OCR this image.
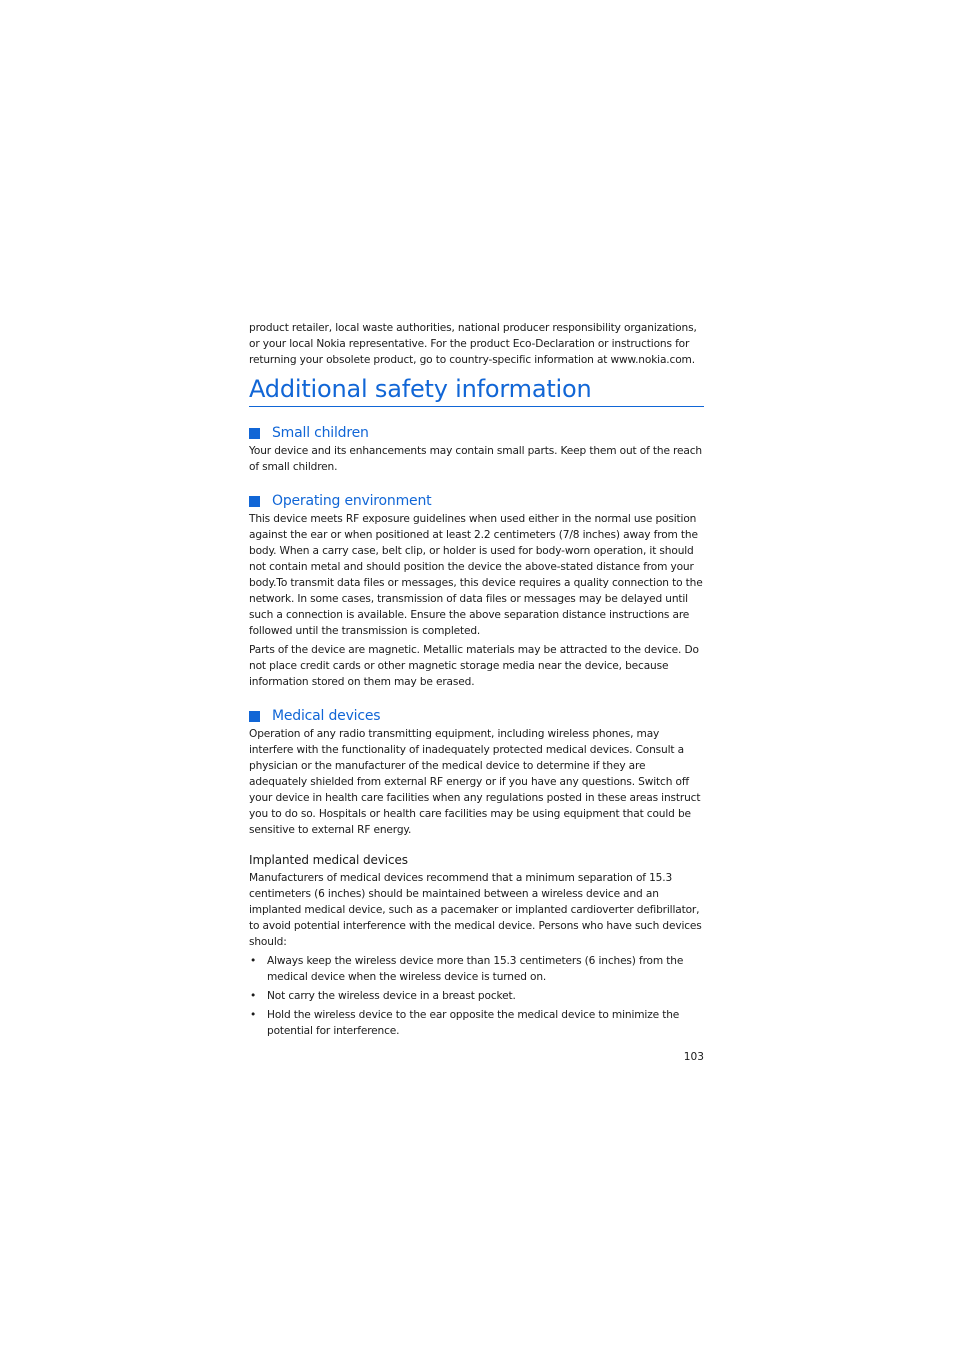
product retailer, local waste authorities, national producer responsibility organizations, or your local Nokia representative. For the product Eco-Declaration or instructions for returning your obsolete product, go to country-specific information at www.nokia.com.

Additional safety information
Small children

Your device and its enhancements may contain small parts. Keep them out of the reach of small children.

Operating environment

This device meets RF exposure guidelines when used either in the normal use position against the ear or when positioned at least 2.2 centimeters (7/8 inches) away from the body. When a carry case, belt clip, or holder is used for body-worn operation, it should not contain metal and should position the device the above-stated distance from your body.To transmit data files or messages, this device requires a quality connection to the network. In some cases, transmission of data files or messages may be delayed until such a connection is available. Ensure the above separation distance instructions are followed until the transmission is completed.

Parts of the device are magnetic. Metallic materials may be attracted to the device. Do not place credit cards or other magnetic storage media near the device, because information stored on them may be erased.

Medical devices

Operation of any radio transmitting equipment, including wireless phones, may interfere with the functionality of inadequately protected medical devices. Consult a physician or the manufacturer of the medical device to determine if they are adequately shielded from external RF energy or if you have any questions. Switch off your device in health care facilities when any regulations posted in these areas instruct you to do so. Hospitals or health care facilities may be using equipment that could be sensitive to external RF energy.

Implanted medical devices

Manufacturers of medical devices recommend that a minimum separation of 15.3 centimeters (6 inches) should be maintained between a wireless device and an implanted medical device, such as a pacemaker or implanted cardioverter defibrillator, to avoid potential interference with the medical device. Persons who have such devices should:

• Always keep the wireless device more than 15.3 centimeters (6 inches) from the medical device when the wireless device is turned on.
• Not carry the wireless device in a breast pocket.
• Hold the wireless device to the ear opposite the medical device to minimize the potential for interference.
103
